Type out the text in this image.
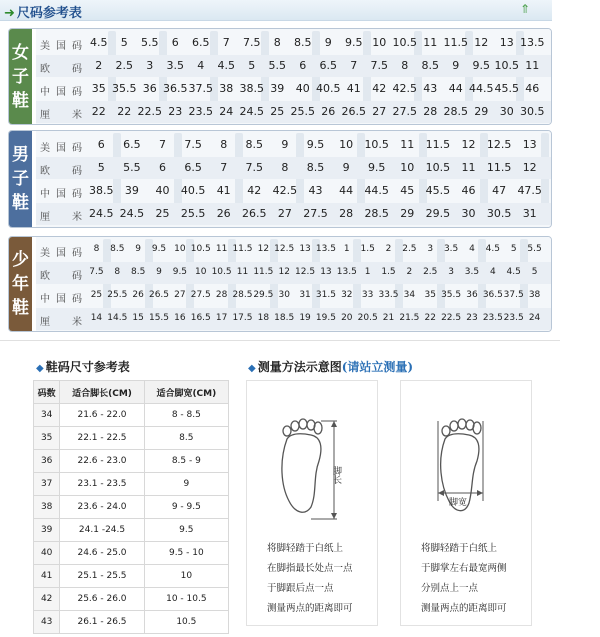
➜ 尺码参考表	⇑
女
子
鞋
美国码 4.5	5	5.5	6	6.5	7	7.5	8	8.5	9	9.5 10 10.5 11 11.5 12	13 13.5
欧 码	2	2.5	3	3.5	4	4.5	5	5.5	6	6.5	7	7.5	8	8.5	9	9.5 10.5 11
中国码 35 35.5 36 36.5 37.5 38 38.5 39	40 40.5 41	42 42.5 43	44 44.5 45.5 46
厘 米 22	22 22.5 23 23.5 24 24.5 25 25.5 26 26.5 27 27.5 28 28.5 29	30 30.5
男
子
鞋
美国码	6	6.5	7	7.5	8	8.5	9	9.5	10	10.5	11	11.5	12	12.5	13
欧 码	5	5.5	6	6.5	7	7.5	8	8.5	9	9.5	10	10.5	11	11.5	12
中国码 38.5	39	40	40.5	41	42	42.5	43	44	44.5	45	45.5	46	47	47.5
厘 米 24.5 24.5	25	25.5	26	26.5	27	27.5	28	28.5	29	29.5	30	30.5	31
少
年
鞋
美国码	8	8.5	9	9.5 10 10.5 11 11.5 12 12.5 13 13.5 1	1.5	2	2.5	3	3.5	4	4.5	5	5.5
欧 码 7.5	8	8.5	9	9.5 10 10.5 11 11.5 12 12.5 13 13.5 1	1.5	2	2.5	3	3.5	4	4.5	5
中国码 25 25.5 26 26.5 27 27.5 28 28.5 29.5 30	31 31.5 32	33 33.5 34	35 35.5 36 36.5 37.5 38
厘 米 14 14.5 15 15.5 16 16.5 17 17.5 18 18.5 19 19.5 20 20.5 21 21.5 22 22.5 23 23.5 23.5 24
◆ 鞋码尺寸参考表	◆ 测量方法示意图(请站立测量)
码数	适合脚长(CM)	适合脚宽(CM)
34	21.6 - 22.0	8 - 8.5
35	22.1 - 22.5	8.5
36	22.6 - 23.0	8.5 - 9
37	23.1 - 23.5	9
38	23.6 - 24.0	9 - 9.5
39	24.1 -24.5	9.5
40	24.6 - 25.0	9.5 - 10
41	25.1 - 25.5	10
42	25.6 - 26.0	10 - 10.5
43	26.1 - 26.5	10.5
脚长
将脚轻踏于白纸上
在脚指最长处点一点
于脚跟后点一点
测量两点的距离即可
脚宽
将脚轻踏于白纸上
于脚掌左右最宽两侧
分别点上一点
测量两点的距离即可
